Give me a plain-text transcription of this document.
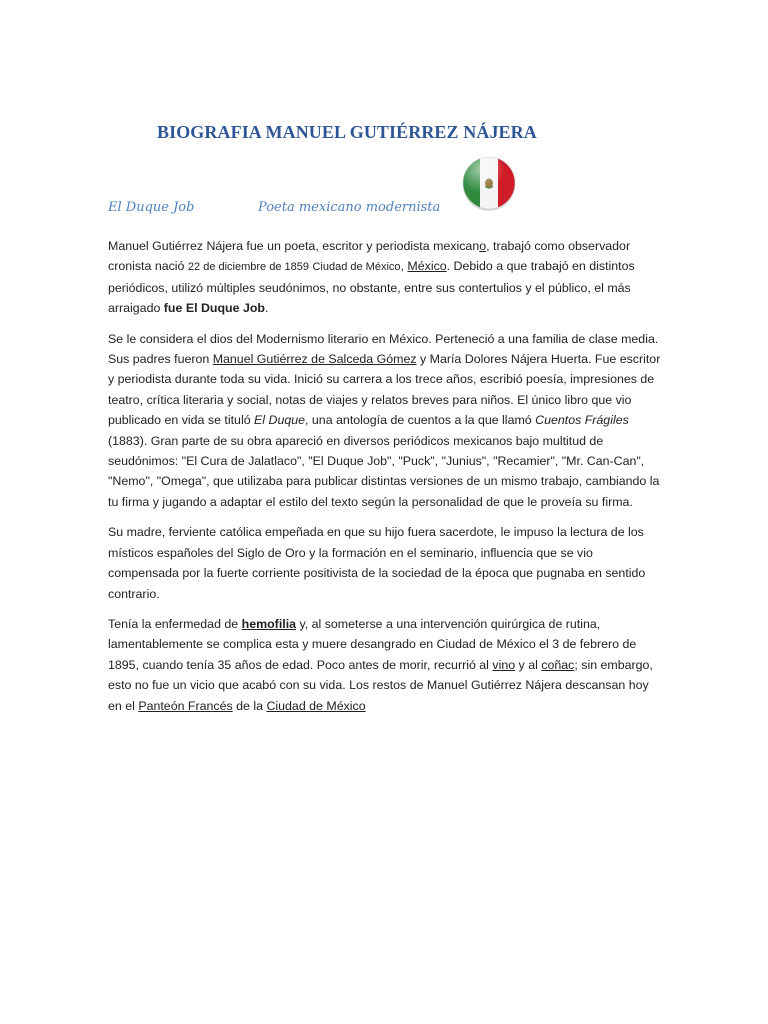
BIOGRAFIA MANUEL GUTIÉRREZ NÁJERA
El Duque Job	Poeta mexicano modernista

Manuel Gutiérrez Nájera fue un poeta, escritor y periodista mexicano, trabajó como observador cronista nació 22 de diciembre de 1859 Ciudad de México, México. Debido a que trabajó en distintos periódicos, utilizó múltiples seudónimos, no obstante, entre sus contertulios y el público, el más arraigado fue El Duque Job.

Se le considera el dios del Modernismo literario en México. Perteneció a una familia de clase media. Sus padres fueron Manuel Gutiérrez de Salceda Gómez y María Dolores Nájera Huerta. Fue escritor y periodista durante toda su vida. Inició su carrera a los trece años, escribió poesía, impresiones de teatro, crítica literaria y social, notas de viajes y relatos breves para niños. El único libro que vio publicado en vida se tituló El Duque, una antología de cuentos a la que llamó Cuentos Frágiles (1883). Gran parte de su obra apareció en diversos periódicos mexicanos bajo multitud de seudónimos: "El Cura de Jalatlaco", "El Duque Job", "Puck", "Junius", "Recamier", "Mr. Can-Can", "Nemo", "Omega", que utilizaba para publicar distintas versiones de un mismo trabajo, cambiando la tu firma y jugando a adaptar el estilo del texto según la personalidad de que le proveía su firma.

Su madre, ferviente católica empeñada en que su hijo fuera sacerdote, le impuso la lectura de los místicos españoles del Siglo de Oro y la formación en el seminario, influencia que se vio compensada por la fuerte corriente positivista de la sociedad de la época que pugnaba en sentido contrario.

Tenía la enfermedad de hemofilia y, al someterse a una intervención quirúrgica de rutina, lamentablemente se complica esta y muere desangrado en Ciudad de México el 3 de febrero de 1895, cuando tenía 35 años de edad. Poco antes de morir, recurrió al vino y al coñac; sin embargo, esto no fue un vicio que acabó con su vida. Los restos de Manuel Gutiérrez Nájera descansan hoy en el Panteón Francés de la Ciudad de México
